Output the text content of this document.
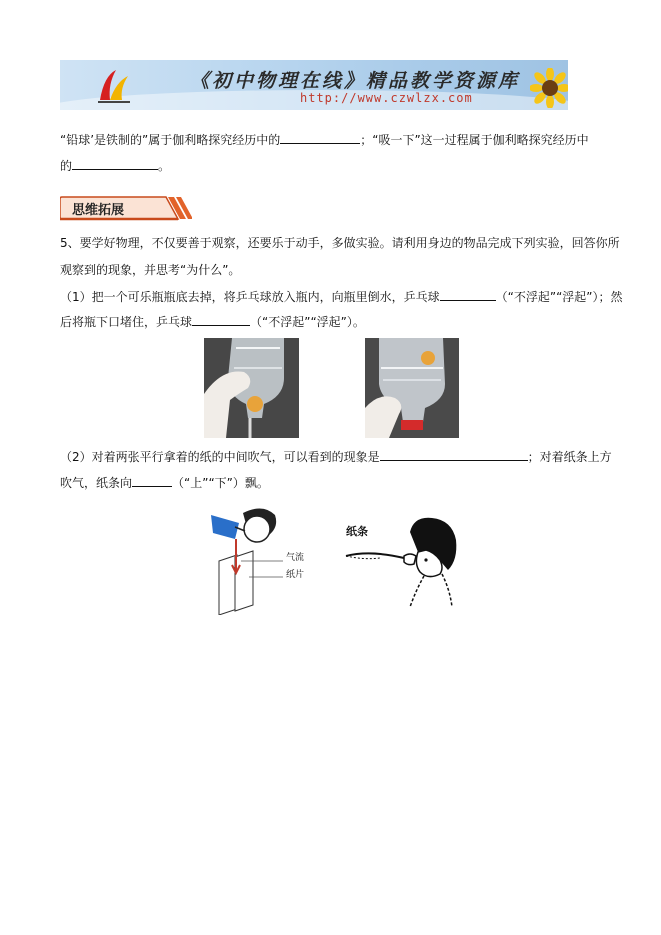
《初中物理在线》精品教学资源库
http://www.czwlzx.com
“铅球’是铁制的”属于伽利略探究经历中的	；“吸一下”这一过程属于伽利略探究经历中
的	。
思维拓展
5、要学好物理，不仅要善于观察，还要乐于动手，多做实验。请利用身边的物品完成下列实验，回答你所
观察到的现象，并思考“为什么”。
（1）把一个可乐瓶瓶底去掉，将乒乓球放入瓶内，向瓶里倒水，乒乓球	（“不浮起”“浮起”）；然
后将瓶下口堵住，乒乓球	（“不浮起”“浮起”）。
（2）对着两张平行拿着的纸的中间吹气，可以看到的现象是	；对着纸条上方
吹气，纸条向	（“上”“下”）飘。
气流
纸片
纸条
